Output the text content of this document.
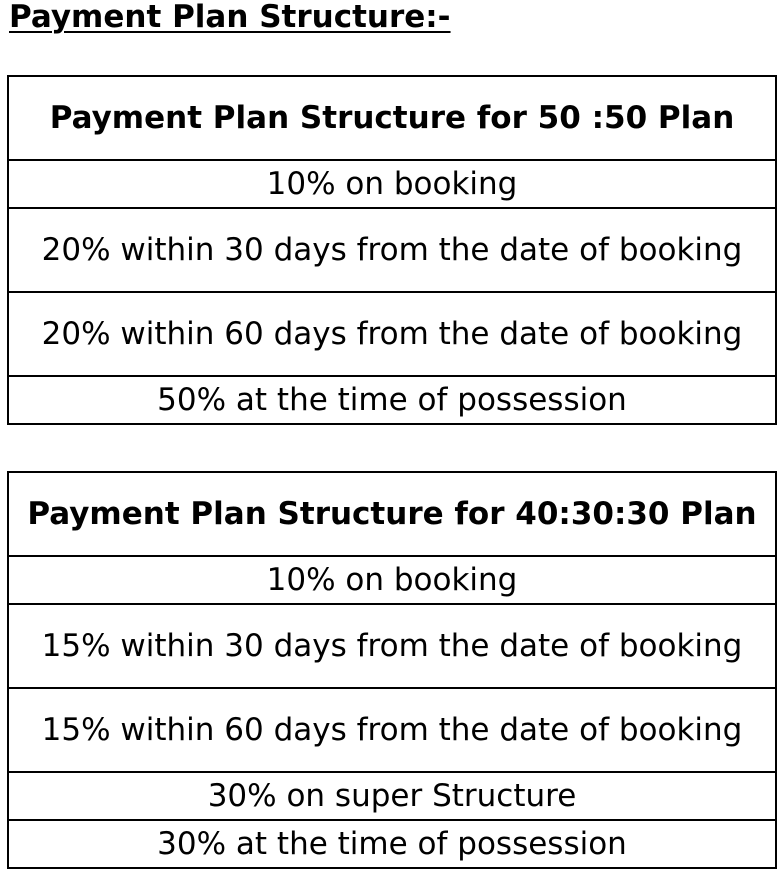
Payment Plan Structure:-
Payment Plan Structure for 50 :50 Plan
10% on booking
20% within 30 days from the date of booking
20% within 60 days from the date of booking
50% at the time of possession
Payment Plan Structure for 40:30:30 Plan
10% on booking
15% within 30 days from the date of booking
15% within 60 days from the date of booking
30% on super Structure
30% at the time of possession
